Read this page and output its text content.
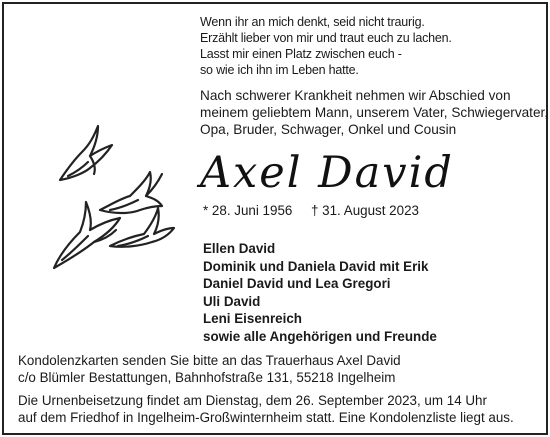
Wenn ihr an mich denkt, seid nicht traurig.
Erzählt lieber von mir und traut euch zu lachen.
Lasst mir einen Platz zwischen euch -
so wie ich ihn im Leben hatte.
Nach schwerer Krankheit nehmen wir Abschied von
meinem geliebtem Mann, unserem Vater, Schwiegervater,
Opa, Bruder, Schwager, Onkel und Cousin
Axel David
* 28. Juni 1956 † 31. August 2023
Ellen David
Dominik und Daniela David mit Erik
Daniel David und Lea Gregori
Uli David
Leni Eisenreich
sowie alle Angehörigen und Freunde
Kondolenzkarten senden Sie bitte an das Trauerhaus Axel David
c/o Blümler Bestattungen, Bahnhofstraße 131, 55218 Ingelheim
Die Urnenbeisetzung findet am Dienstag, dem 26. September 2023, um 14 Uhr
auf dem Friedhof in Ingelheim-Großwinternheim statt. Eine Kondolenzliste liegt aus.
